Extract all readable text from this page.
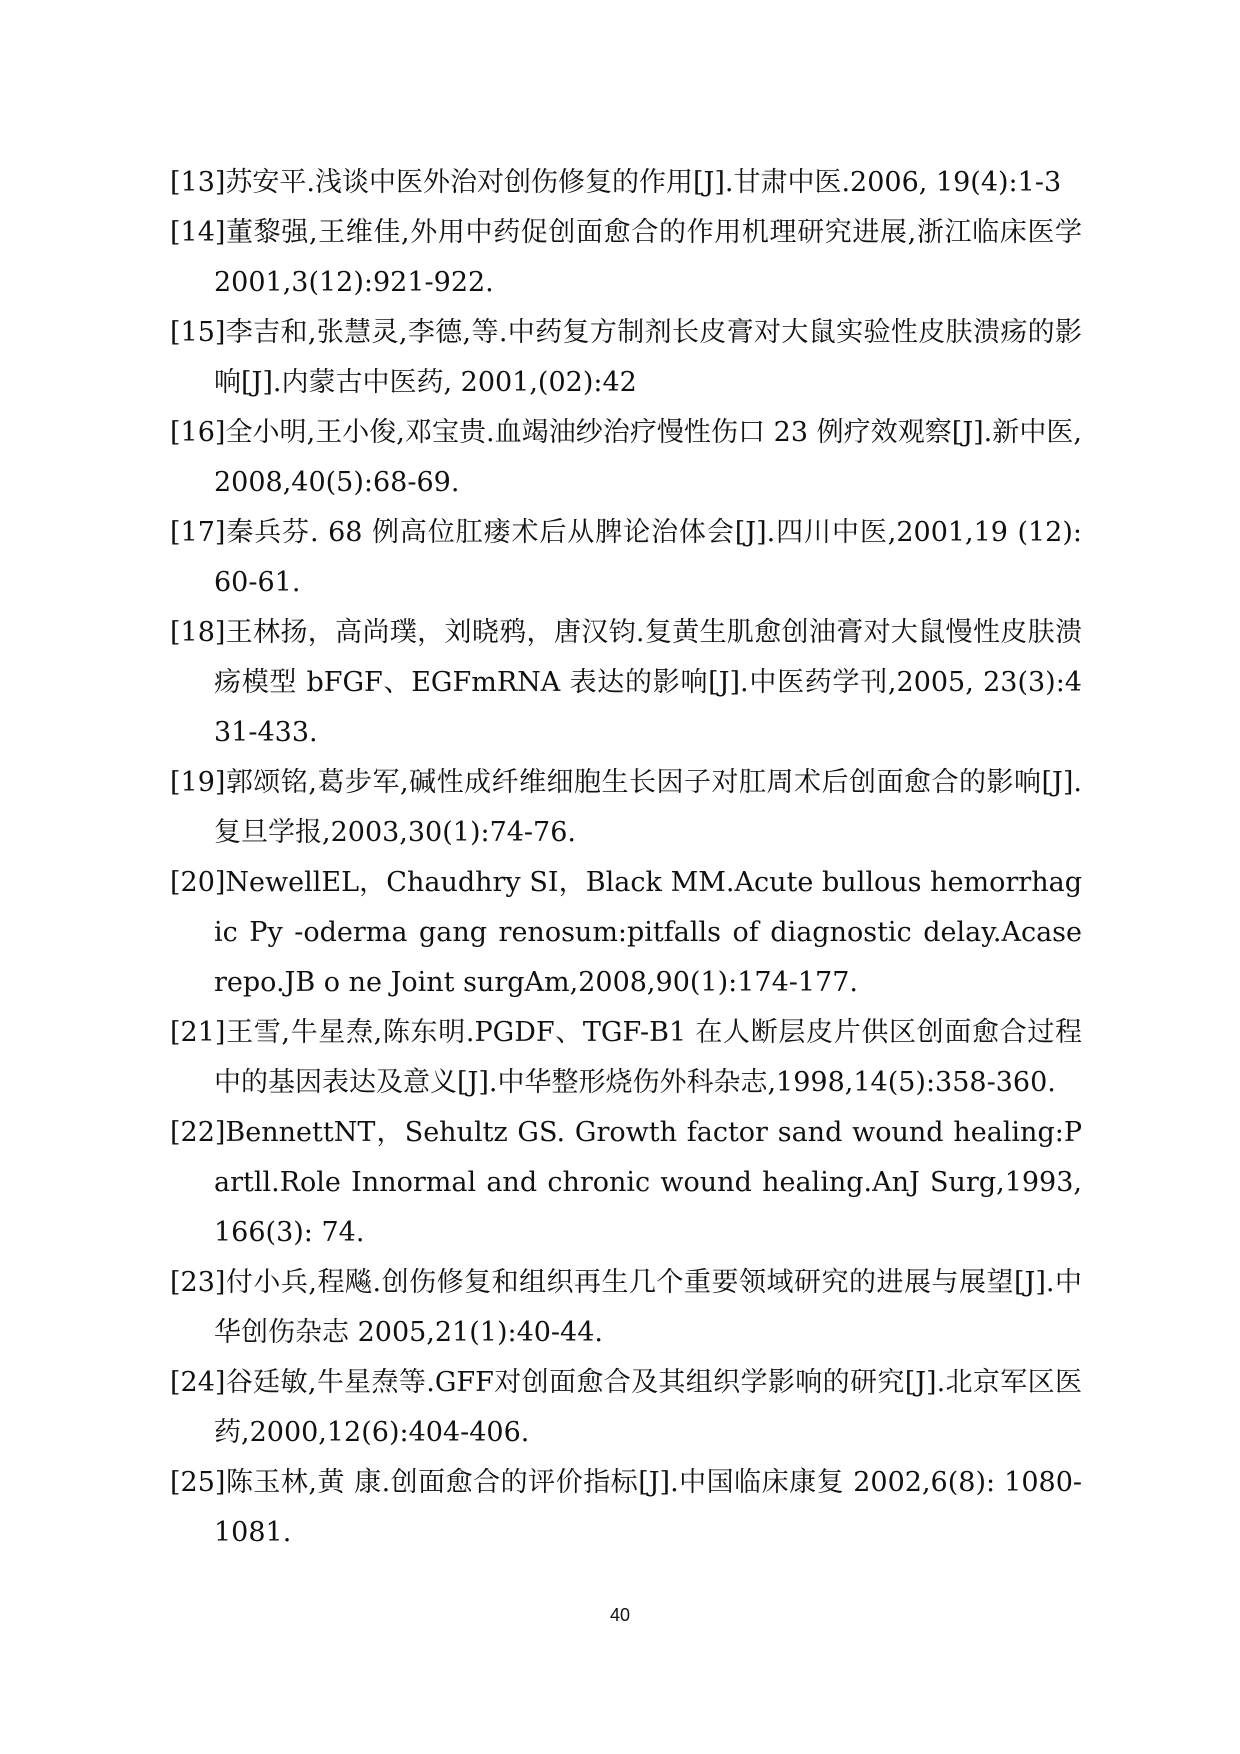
[13]苏安平.浅谈中医外治对创伤修复的作用[J].甘肃中医.2006, 19(4):1-3

[14]董黎强,王维佳,外用中药促创面愈合的作用机理研究进展,浙江临床医学 2001,3(12):921-922.

[15]李吉和,张慧灵,李德,等.中药复方制剂长皮膏对大鼠实验性皮肤溃疡的影响[J].内蒙古中医药, 2001,(02):42

[16]全小明,王小俊,邓宝贵.血竭油纱治疗慢性伤口 23 例疗效观察[J].新中医,2008,40(5):68-69.

[17]秦兵芬. 68 例高位肛瘘术后从脾论治体会[J].四川中医,2001,19 (12): 60-61.

[18]王林扬，高尚璞，刘晓鸦，唐汉钧.复黄生肌愈创油膏对大鼠慢性皮肤溃疡模型 bFGF、EGFmRNA 表达的影响[J].中医药学刊,2005, 23(3):431-433.

[19]郭颂铭,葛步军,碱性成纤维细胞生长因子对肛周术后创面愈合的影响[J].复旦学报,2003,30(1):74-76.

[20]NewellEL，Chaudhry SI，Black MM.Acute bullous hemorrhagic Py -oderma gang renosum:pitfalls of diagnostic delay.Acase repo.JB o ne Joint surgAm,2008,90(1):174-177.

[21]王雪,牛星焘,陈东明.PGDF、TGF-B1 在人断层皮片供区创面愈合过程中的基因表达及意义[J].中华整形烧伤外科杂志,1998,14(5):358-360.

[22]BennettNT，Sehultz GS. Growth factor sand wound healing:Partll.Role Innormal and chronic wound healing.AnJ Surg,1993,166(3): 74.

[23]付小兵,程飚.创伤修复和组织再生几个重要领域研究的进展与展望[J].中华创伤杂志 2005,21(1):40-44.

[24]谷廷敏,牛星焘等.GFF对创面愈合及其组织学影响的研究[J].北京军区医药,2000,12(6):404-406.

[25]陈玉林,黄 康.创面愈合的评价指标[J].中国临床康复 2002,6(8): 1080-1081.

40
